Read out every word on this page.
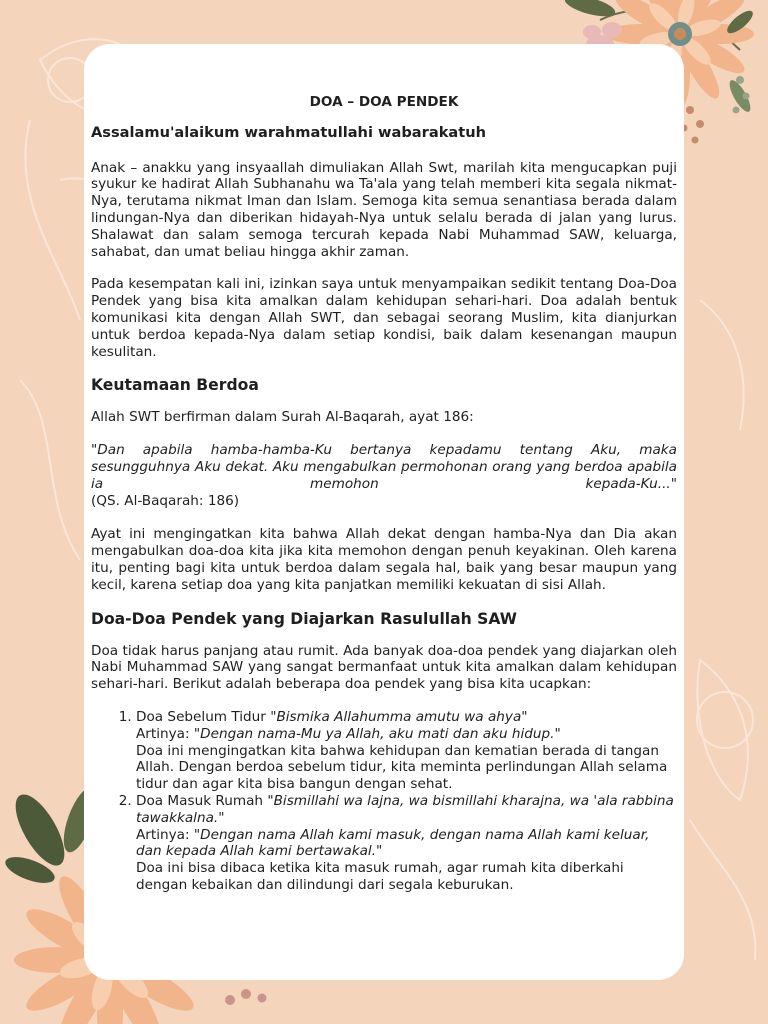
DOA – DOA PENDEK
Assalamu'alaikum warahmatullahi wabarakatuh

Anak – anakku yang insyaallah dimuliakan Allah Swt, marilah kita mengucapkan puji syukur ke hadirat Allah Subhanahu wa Ta'ala yang telah memberi kita segala nikmat-Nya, terutama nikmat Iman dan Islam. Semoga kita semua senantiasa berada dalam lindungan-Nya dan diberikan hidayah-Nya untuk selalu berada di jalan yang lurus. Shalawat dan salam semoga tercurah kepada Nabi Muhammad SAW, keluarga, sahabat, dan umat beliau hingga akhir zaman.

Pada kesempatan kali ini, izinkan saya untuk menyampaikan sedikit tentang Doa-Doa Pendek yang bisa kita amalkan dalam kehidupan sehari-hari. Doa adalah bentuk komunikasi kita dengan Allah SWT, dan sebagai seorang Muslim, kita dianjurkan untuk berdoa kepada-Nya dalam setiap kondisi, baik dalam kesenangan maupun kesulitan.

Keutamaan Berdoa

Allah SWT berfirman dalam Surah Al-Baqarah, ayat 186:

"Dan apabila hamba-hamba-Ku bertanya kepadamu tentang Aku, maka sesungguhnya Aku dekat. Aku mengabulkan permohonan orang yang berdoa apabila ia memohon kepada-Ku..."
(QS. Al-Baqarah: 186)

Ayat ini mengingatkan kita bahwa Allah dekat dengan hamba-Nya dan Dia akan mengabulkan doa-doa kita jika kita memohon dengan penuh keyakinan. Oleh karena itu, penting bagi kita untuk berdoa dalam segala hal, baik yang besar maupun yang kecil, karena setiap doa yang kita panjatkan memiliki kekuatan di sisi Allah.

Doa-Doa Pendek yang Diajarkan Rasulullah SAW

Doa tidak harus panjang atau rumit. Ada banyak doa-doa pendek yang diajarkan oleh Nabi Muhammad SAW yang sangat bermanfaat untuk kita amalkan dalam kehidupan sehari-hari. Berikut adalah beberapa doa pendek yang bisa kita ucapkan:

1. Doa Sebelum Tidur "Bismika Allahumma amutu wa ahya"
Artinya: "Dengan nama-Mu ya Allah, aku mati dan aku hidup."
Doa ini mengingatkan kita bahwa kehidupan dan kematian berada di tangan Allah. Dengan berdoa sebelum tidur, kita meminta perlindungan Allah selama tidur dan agar kita bisa bangun dengan sehat.
2. Doa Masuk Rumah "Bismillahi wa lajna, wa bismillahi kharajna, wa 'ala rabbina tawakkalna."
Artinya: "Dengan nama Allah kami masuk, dengan nama Allah kami keluar, dan kepada Allah kami bertawakal."
Doa ini bisa dibaca ketika kita masuk rumah, agar rumah kita diberkahi dengan kebaikan dan dilindungi dari segala keburukan.
